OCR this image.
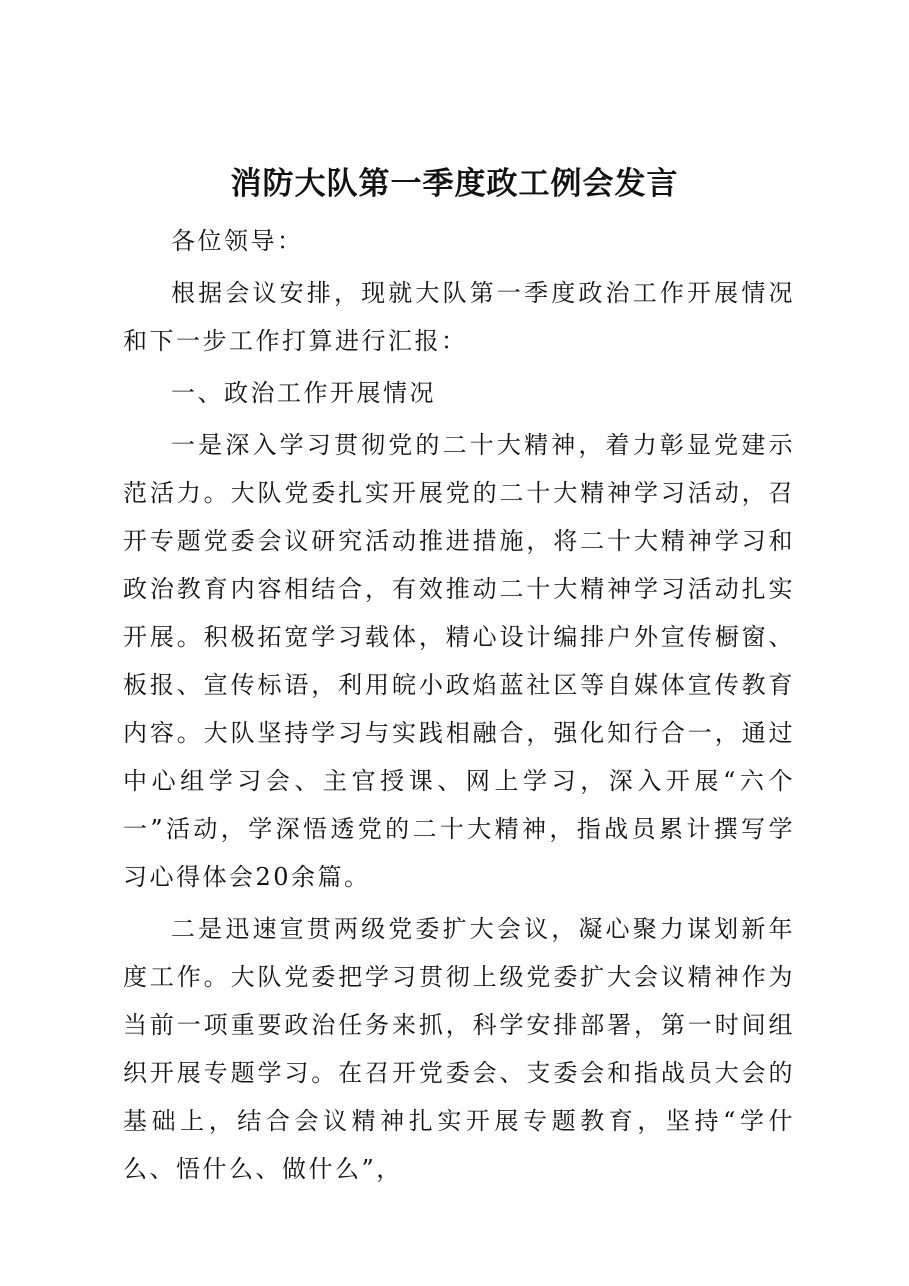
消防大队第一季度政工例会发言

各位领导：

根据会议安排，现就大队第一季度政治工作开展情况和下一步工作打算进行汇报：

一、政治工作开展情况

一是深入学习贯彻党的二十大精神，着力彰显党建示范活力。大队党委扎实开展党的二十大精神学习活动，召开专题党委会议研究活动推进措施，将二十大精神学习和政治教育内容相结合，有效推动二十大精神学习活动扎实开展。积极拓宽学习载体，精心设计编排户外宣传橱窗、板报、宣传标语，利用皖小政焰蓝社区等自媒体宣传教育内容。大队坚持学习与实践相融合，强化知行合一，通过中心组学习会、主官授课、网上学习，深入开展“六个一”活动，学深悟透党的二十大精神，指战员累计撰写学习心得体会20余篇。

二是迅速宣贯两级党委扩大会议，凝心聚力谋划新年度工作。大队党委把学习贯彻上级党委扩大会议精神作为当前一项重要政治任务来抓，科学安排部署，第一时间组织开展专题学习。在召开党委会、支委会和指战员大会的基础上，结合会议精神扎实开展专题教育，坚持“学什么、悟什么、做什么”，
